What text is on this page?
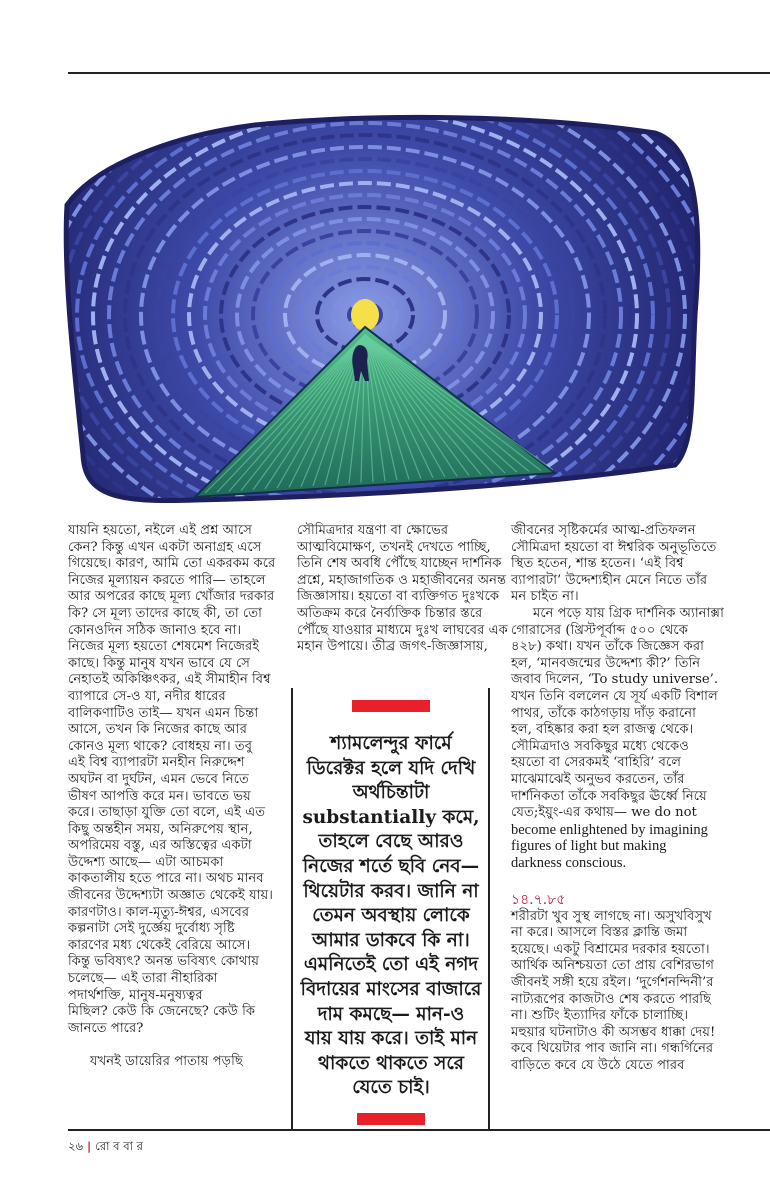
যায়নি হয়তো, নইলে এই প্রশ্ন আসে
কেন? কিন্তু এখন একটা অনাগ্রহ এসে
গিয়েছে। কারণ, আমি তো একরকম করে
নিজের মূল্যায়ন করতে পারি— তাহলে
আর অপরের কাছে মূল্য খোঁজার দরকার
কি? সে মূল্য তাদের কাছে কী, তা তো
কোনওদিন সঠিক জানাও হবে না।
নিজের মূল্য হয়তো শেষমেশ নিজেরই
কাছে। কিন্তু মানুষ যখন ভাবে যে সে
নেহাতই অকিঞ্চিৎকর, এই সীমাহীন বিশ্ব
ব্যাপারে সে-ও যা, নদীর ধারের
বালিকণাটিও তাই— যখন এমন চিন্তা
আসে, তখন কি নিজের কাছে আর
কোনও মূল্য থাকে? বোধহয় না। তবু
এই বিশ্ব ব্যাপারটা মনহীন নিরুদ্দেশ
অঘটন বা দুর্ঘটন, এমন ভেবে নিতে
ভীষণ আপত্তি করে মন। ভাবতে ভয়
করে। তাছাড়া যুক্তি তো বলে, এই এত
কিছু অন্তহীন সময়, অনিরুপেয় স্থান,
অপরিমেয় বস্তু, এর অস্তিত্বের একটা
উদ্দেশ্য আছে— এটা আচমকা
কাকতালীয় হতে পারে না। অথচ মানব
জীবনের উদ্দেশ্যটা অজ্ঞাত থেকেই যায়।
কারণটাও। কাল-মৃত্যু-ঈশ্বর, এসবের
কল্পনাটা সেই দুর্জ্ঞেয় দুর্বোধ্য সৃষ্টি
কারণের মধ্য থেকেই বেরিয়ে আসে।
কিন্তু ভবিষ্যৎ? অনন্ত ভবিষ্যৎ কোথায়
চলেছে— এই তারা নীহারিকা
পদার্থশক্তি, মানুষ-মনুষ্যত্বর
মিছিল? কেউ কি জেনেছে? কেউ কি
জানতে পারে?
যখনই ডায়েরির পাতায় পড়ছি
সৌমিত্রদার যন্ত্রণা বা ক্ষোভের
আত্মবিমোক্ষণ, তখনই দেখতে পাচ্ছি,
তিনি শেষ অবধি পৌঁছে যাচ্ছেন দার্শনিক
প্রশ্নে, মহাজাগতিক ও মহাজীবনের অনন্ত
জিজ্ঞাসায়। হয়তো বা ব্যক্তিগত দুঃখকে
অতিক্রম করে নৈর্ব্যক্তিক চিন্তার স্তরে
পৌঁছে যাওয়ার মাধ্যমে দুঃখ লাঘবের এক
মহান উপায়ে। তীব্র জগৎ-জিজ্ঞাসায়,
জীবনের সৃষ্টিকর্মের আত্ম-প্রতিফলন
সৌমিত্রদা হয়তো বা ঈশ্বরিক অনুভূতিতে
স্থিত হতেন, শান্ত হতেন। ‘এই বিশ্ব
ব্যাপারটা’ উদ্দেশ্যহীন মেনে নিতে তাঁর
মন চাইত না।
মনে পড়ে যায় গ্রিক দার্শনিক অ্যানাক্সা
গোরাসের (খ্রিস্টপূর্বাব্দ ৫০০ থেকে
৪২৮) কথা। যখন তাঁকে জিজ্ঞেস করা
হল, ‘মানবজন্মের উদ্দেশ্য কী?’ তিনি
জবাব দিলেন, ‘To study universe’.
যখন তিনি বললেন যে সূর্য একটি বিশাল
পাথর, তাঁকে কাঠগড়ায় দাঁড় করানো
হল, বহিষ্কার করা হল রাজত্ব থেকে।
সৌমিত্রদাও সবকিছুর মধ্যে থেকেও
হয়তো বা সেরকমই ‘বাহিরি’ বলে
মাঝেমাঝেই অনুভব করতেন, তাঁর
দার্শনিকতা তাঁকে সবকিছুর ঊর্ধ্বে নিয়ে
যেত;ইয়ুং-এর কথায়— we do not
become enlightened by imagining
figures of light but making
darkness conscious.
১৪.৭.৮৫
শরীরটা খুব সুস্থ লাগছে না। অসুখবিসুখ
না করে। আসলে বিস্তর ক্লান্তি জমা
হয়েছে। একটু বিশ্রামের দরকার হয়তো।
আর্থিক অনিশ্চয়তা তো প্রায় বেশিরভাগ
জীবনই সঙ্গী হয়ে রইল। ‘দুর্গেশনন্দিনী’র
নাট্যরূপের কাজটাও শেষ করতে পারছি
না। শুটিং ইত্যাদির ফাঁকে চালাচ্ছি।
মহুয়ার ঘটনাটাও কী অসম্ভব ধাক্কা দেয়!
কবে থিয়েটার পাব জানি না। গন্ধর্গিনের
বাড়িতে কবে যে উঠে যেতে পারব
শ্যামলেন্দুর ফার্মে
ডিরেক্টর হলে যদি দেখি
অর্থচিন্তাটা
substantially কমে,
তাহলে বেছে আরও
নিজের শর্তে ছবি নেব—
থিয়েটার করব। জানি না
তেমন অবস্থায় লোকে
আমার ডাকবে কি না।
এমনিতেই তো এই নগদ
বিদায়ের মাংসের বাজারে
দাম কমছে— মান-ও
যায় যায় করে। তাই মান
থাকতে থাকতে সরে
যেতে চাই।
২৬ | রো ব বা র
